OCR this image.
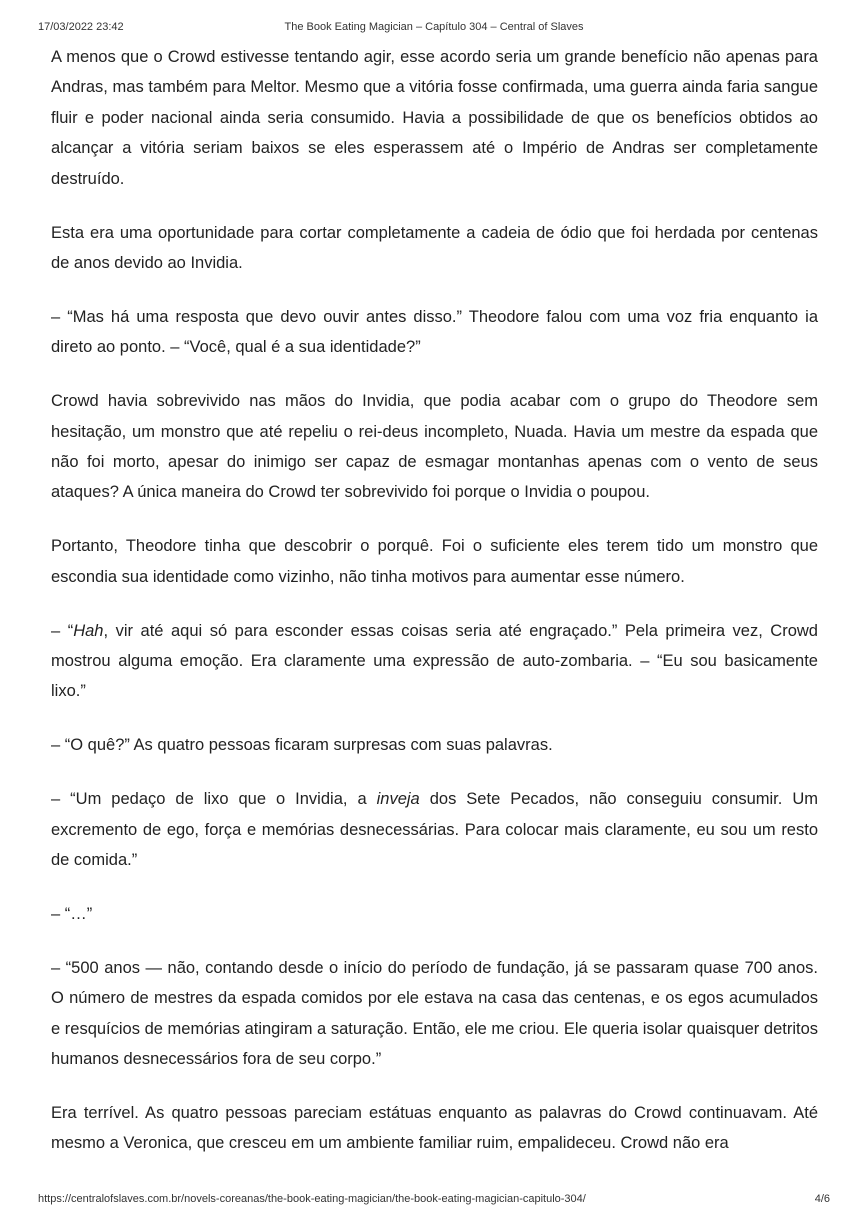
17/03/2022 23:42	The Book Eating Magician – Capítulo 304 – Central of Slaves

A menos que o Crowd estivesse tentando agir, esse acordo seria um grande benefício não apenas para Andras, mas também para Meltor. Mesmo que a vitória fosse confirmada, uma guerra ainda faria sangue fluir e poder nacional ainda seria consumido. Havia a possibilidade de que os benefícios obtidos ao alcançar a vitória seriam baixos se eles esperassem até o Império de Andras ser completamente destruído.

Esta era uma oportunidade para cortar completamente a cadeia de ódio que foi herdada por centenas de anos devido ao Invidia.

– “Mas há uma resposta que devo ouvir antes disso.” Theodore falou com uma voz fria enquanto ia direto ao ponto. – “Você, qual é a sua identidade?”

Crowd havia sobrevivido nas mãos do Invidia, que podia acabar com o grupo do Theodore sem hesitação, um monstro que até repeliu o rei-deus incompleto, Nuada. Havia um mestre da espada que não foi morto, apesar do inimigo ser capaz de esmagar montanhas apenas com o vento de seus ataques? A única maneira do Crowd ter sobrevivido foi porque o Invidia o poupou.

Portanto, Theodore tinha que descobrir o porquê. Foi o suficiente eles terem tido um monstro que escondia sua identidade como vizinho, não tinha motivos para aumentar esse número.

– “Hah, vir até aqui só para esconder essas coisas seria até engraçado.” Pela primeira vez, Crowd mostrou alguma emoção. Era claramente uma expressão de auto-zombaria. – “Eu sou basicamente lixo.”

– “O quê?” As quatro pessoas ficaram surpresas com suas palavras.

– “Um pedaço de lixo que o Invidia, a inveja dos Sete Pecados, não conseguiu consumir. Um excremento de ego, força e memórias desnecessárias. Para colocar mais claramente, eu sou um resto de comida.”

– “…”

– “500 anos — não, contando desde o início do período de fundação, já se passaram quase 700 anos. O número de mestres da espada comidos por ele estava na casa das centenas, e os egos acumulados e resquícios de memórias atingiram a saturação. Então, ele me criou. Ele queria isolar quaisquer detritos humanos desnecessários fora de seu corpo.”

Era terrível. As quatro pessoas pareciam estátuas enquanto as palavras do Crowd continuavam. Até mesmo a Veronica, que cresceu em um ambiente familiar ruim, empalideceu. Crowd não era

https://centralofslaves.com.br/novels-coreanas/the-book-eating-magician/the-book-eating-magician-capitulo-304/	4/6
